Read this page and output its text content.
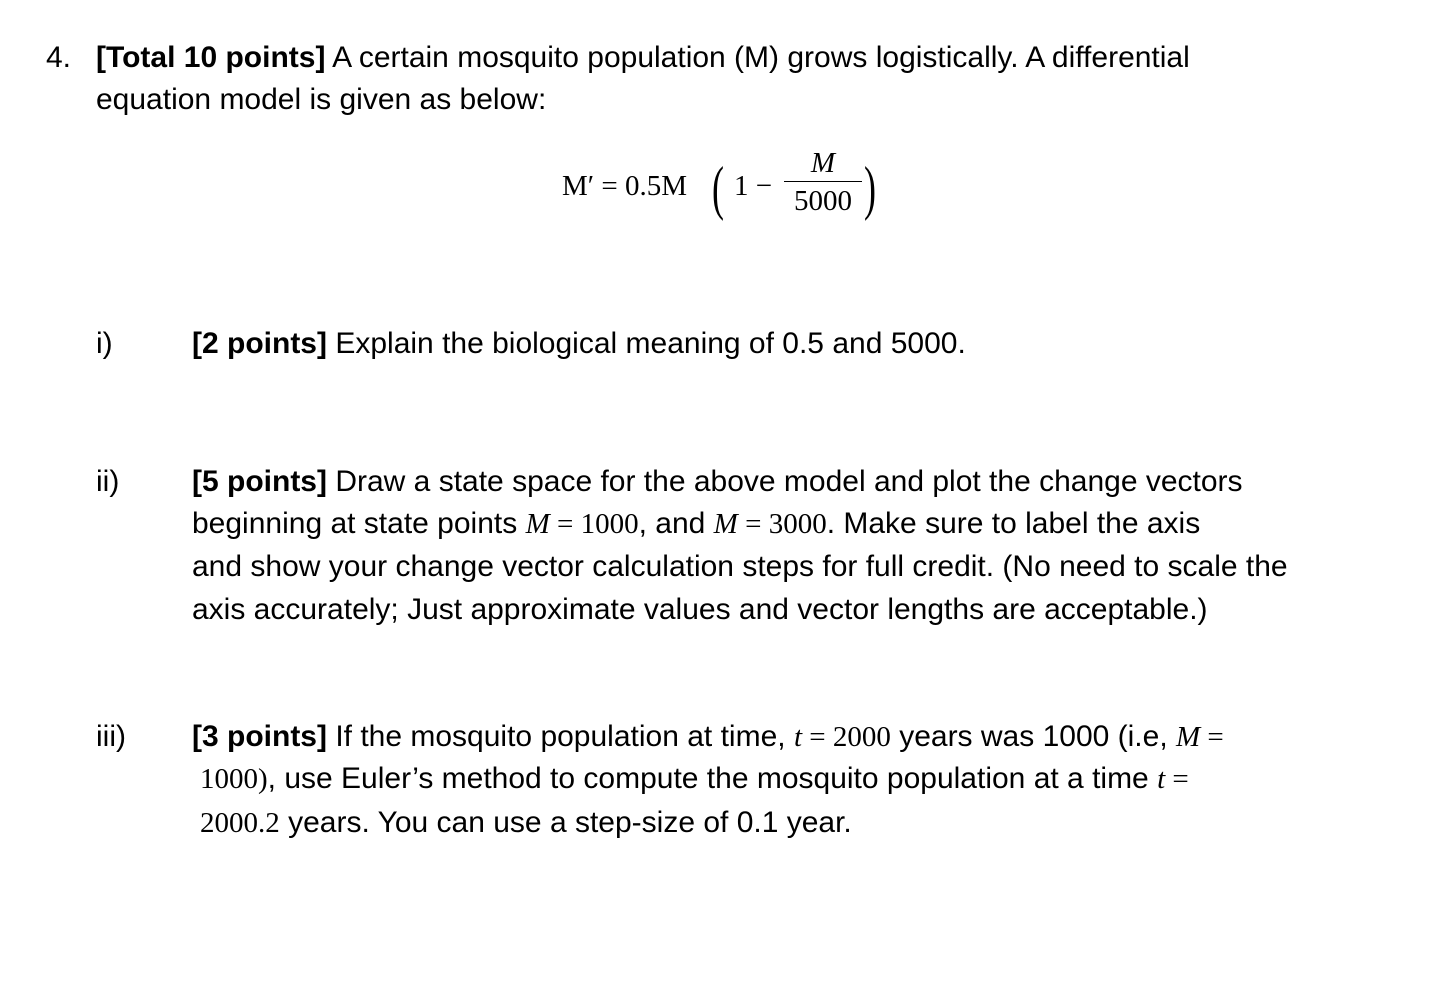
4. [Total 10 points] A certain mosquito population (M) grows logistically. A differential
equation model is given as below:
M′ = 0.5M ( 1 −
M
5000 )
i)	[2 points] Explain the biological meaning of 0.5 and 5000.
ii) [5 points] Draw a state space for the above model and plot the change vectors
beginning at state points M = 1000, and M = 3000. Make sure to label the axis
and show your change vector calculation steps for full credit. (No need to scale the
axis accurately; Just approximate values and vector lengths are acceptable.)
iii) [3 points] If the mosquito population at time, t = 2000 years was 1000 (i.e, M =
1000), use Euler’s method to compute the mosquito population at a time t =
2000.2 years. You can use a step-size of 0.1 year.
